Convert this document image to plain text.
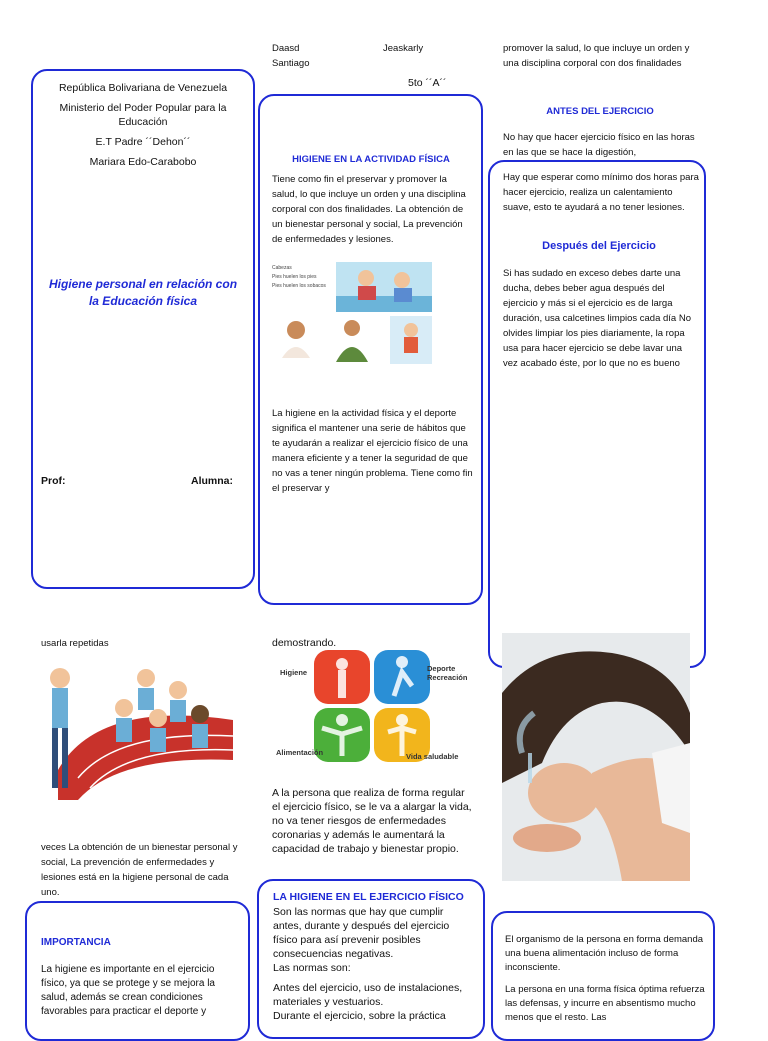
Daasd	Jeaskarly
Santiago
5to ´´A´´
República Bolivariana de Venezuela
Ministerio del Poder Popular para la Educación
E.T Padre ´´Dehon´´
Mariara Edo-Carabobo
Higiene personal en relación con la Educación física
Prof:	Alumna:
HIGIENE EN LA ACTIVIDAD FÍSICA
Tiene como fin el preservar y promover la salud, lo que incluye un orden y una disciplina corporal con dos finalidades. La obtención de un bienestar personal y social, La prevención de enfermedades y lesiones.
Cabezas
Pies huelen los pies
Pies huelen los sobacos
La higiene en la actividad física y el deporte significa el mantener una serie de hábitos que te ayudarán a realizar el ejercicio físico de una manera eficiente y a tener la seguridad de que no vas a tener ningún problema. Tiene como fin el preservar y
promover la salud, lo que incluye un orden y una disciplina corporal con dos finalidades
ANTES DEL EJERCICIO
No hay que hacer ejercicio físico en las horas en las que se hace la digestión,
Hay que esperar como mínimo dos horas para hacer ejercicio, realiza un calentamiento suave, esto te ayudará a no tener lesiones.
Después del Ejercicio
Si has sudado en exceso debes darte una ducha, debes beber agua después del ejercicio y más si el ejercicio es de larga duración, usa calcetines limpios cada día No olvides limpiar los pies diariamente, la ropa usa para hacer ejercicio se debe lavar una vez acabado éste, por lo que no es bueno
usarla repetidas
veces La obtención de un bienestar personal y social, La prevención de enfermedades y lesiones está en la higiene personal de cada uno.
IMPORTANCIA
La higiene es importante en el ejercicio físico, ya que se protege y se mejora la salud, además se crean condiciones favorables para practicar el deporte y
demostrando.
Higiene	Deporte Recreación
Alimentación	Vida saludable
A la persona que realiza de forma regular el ejercicio físico, se le va a alargar la vida, no va tener riesgos de enfermedades coronarias y además le aumentará la capacidad de trabajo y bienestar propio.
LA HIGIENE EN EL EJERCICIO FÍSICO
Son las normas que hay que cumplir antes, durante y después del ejercicio físico para así prevenir posibles consecuencias negativas.
Las normas son:
Antes del ejercicio, uso de instalaciones, materiales y vestuarios.
Durante el ejercicio, sobre la práctica
El organismo de la persona en forma demanda una buena alimentación incluso de forma inconsciente.
La persona en una forma física óptima refuerza las defensas, y incurre en absentismo mucho menos que el resto. Las
